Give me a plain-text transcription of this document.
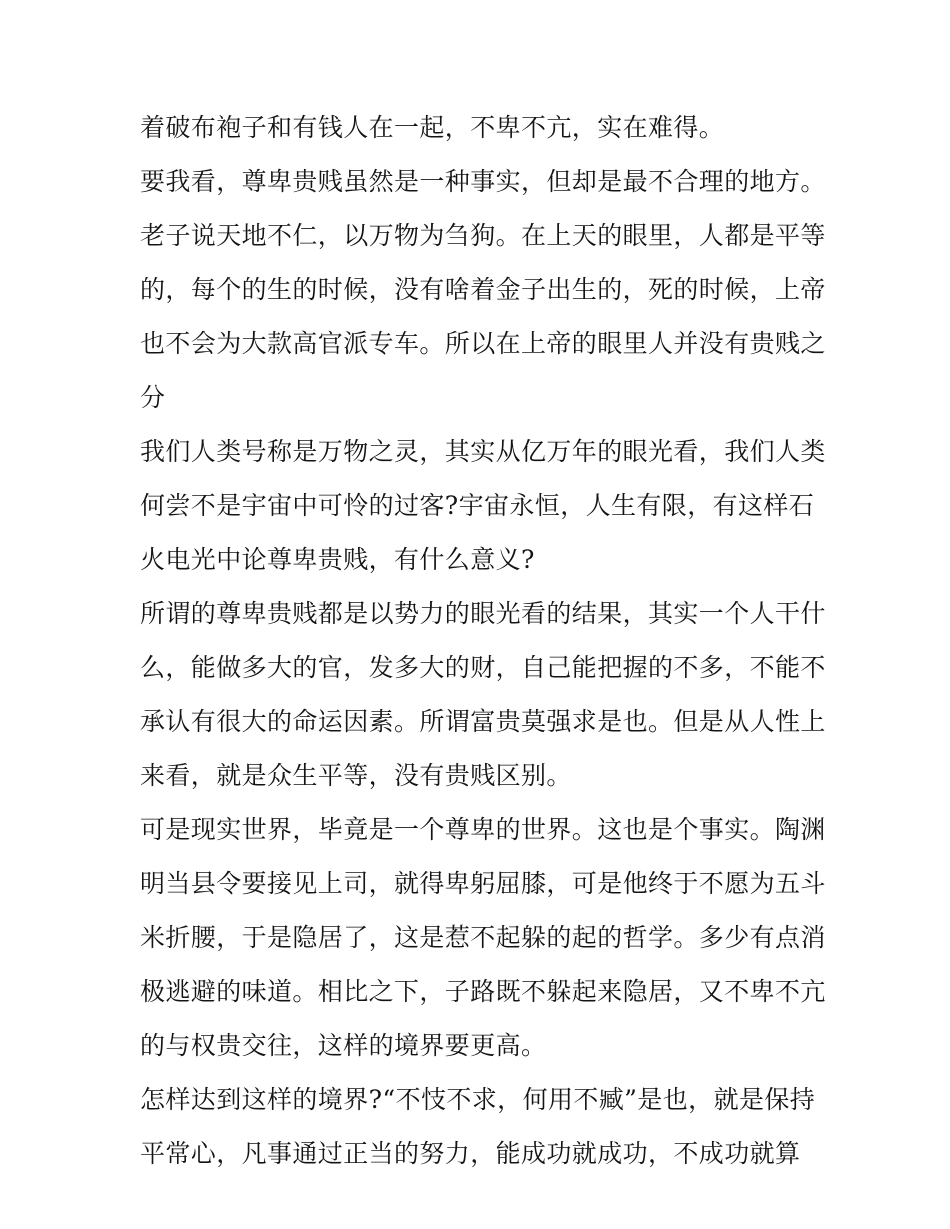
着破布袍子和有钱人在一起，不卑不亢，实在难得。
要我看，尊卑贵贱虽然是一种事实，但却是最不合理的地方。
老子说天地不仁，以万物为刍狗。在上天的眼里，人都是平等
的，每个的生的时候，没有啥着金子出生的，死的时候，上帝
也不会为大款高官派专车。所以在上帝的眼里人并没有贵贱之
分
我们人类号称是万物之灵，其实从亿万年的眼光看，我们人类
何尝不是宇宙中可怜的过客?宇宙永恒，人生有限，有这样石
火电光中论尊卑贵贱，有什么意义?
所谓的尊卑贵贱都是以势力的眼光看的结果，其实一个人干什
么，能做多大的官，发多大的财，自己能把握的不多，不能不
承认有很大的命运因素。所谓富贵莫强求是也。但是从人性上
来看，就是众生平等，没有贵贱区别。
可是现实世界，毕竟是一个尊卑的世界。这也是个事实。陶渊
明当县令要接见上司，就得卑躬屈膝，可是他终于不愿为五斗
米折腰，于是隐居了，这是惹不起躲的起的哲学。多少有点消
极逃避的味道。相比之下，子路既不躲起来隐居，又不卑不亢
的与权贵交往，这样的境界要更高。
怎样达到这样的境界?“不忮不求，何用不臧”是也，就是保持
平常心，凡事通过正当的努力，能成功就成功，不成功就算
